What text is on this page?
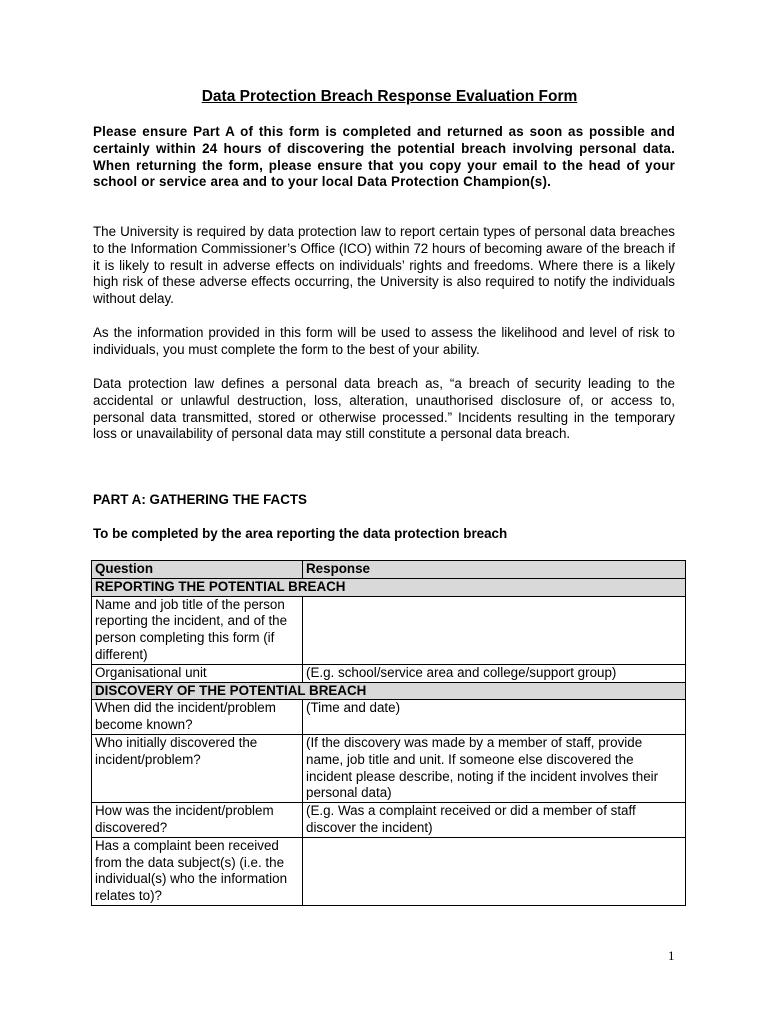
Data Protection Breach Response Evaluation Form
Please ensure Part A of this form is completed and returned as soon as possible and certainly within 24 hours of discovering the potential breach involving personal data. When returning the form, please ensure that you copy your email to the head of your school or service area and to your local Data Protection Champion(s).
The University is required by data protection law to report certain types of personal data breaches to the Information Commissioner’s Office (ICO) within 72 hours of becoming aware of the breach if it is likely to result in adverse effects on individuals’ rights and freedoms. Where there is a likely high risk of these adverse effects occurring, the University is also required to notify the individuals without delay.
As the information provided in this form will be used to assess the likelihood and level of risk to individuals, you must complete the form to the best of your ability.
Data protection law defines a personal data breach as, “a breach of security leading to the accidental or unlawful destruction, loss, alteration, unauthorised disclosure of, or access to, personal data transmitted, stored or otherwise processed.” Incidents resulting in the temporary loss or unavailability of personal data may still constitute a personal data breach.
PART A: GATHERING THE FACTS
To be completed by the area reporting the data protection breach
Question	Response
REPORTING THE POTENTIAL BREACH	
Name and job title of the person reporting the incident, and of the person completing this form (if different)	
Organisational unit	(E.g. school/service area and college/support group)
DISCOVERY OF THE POTENTIAL BREACH	
When did the incident/problem become known?	(Time and date)
Who initially discovered the incident/problem?	(If the discovery was made by a member of staff, provide name, job title and unit. If someone else discovered the incident please describe, noting if the incident involves their personal data)
How was the incident/problem discovered?	(E.g. Was a complaint received or did a member of staff discover the incident)
Has a complaint been received from the data subject(s) (i.e. the individual(s) who the information relates to)?	
1
